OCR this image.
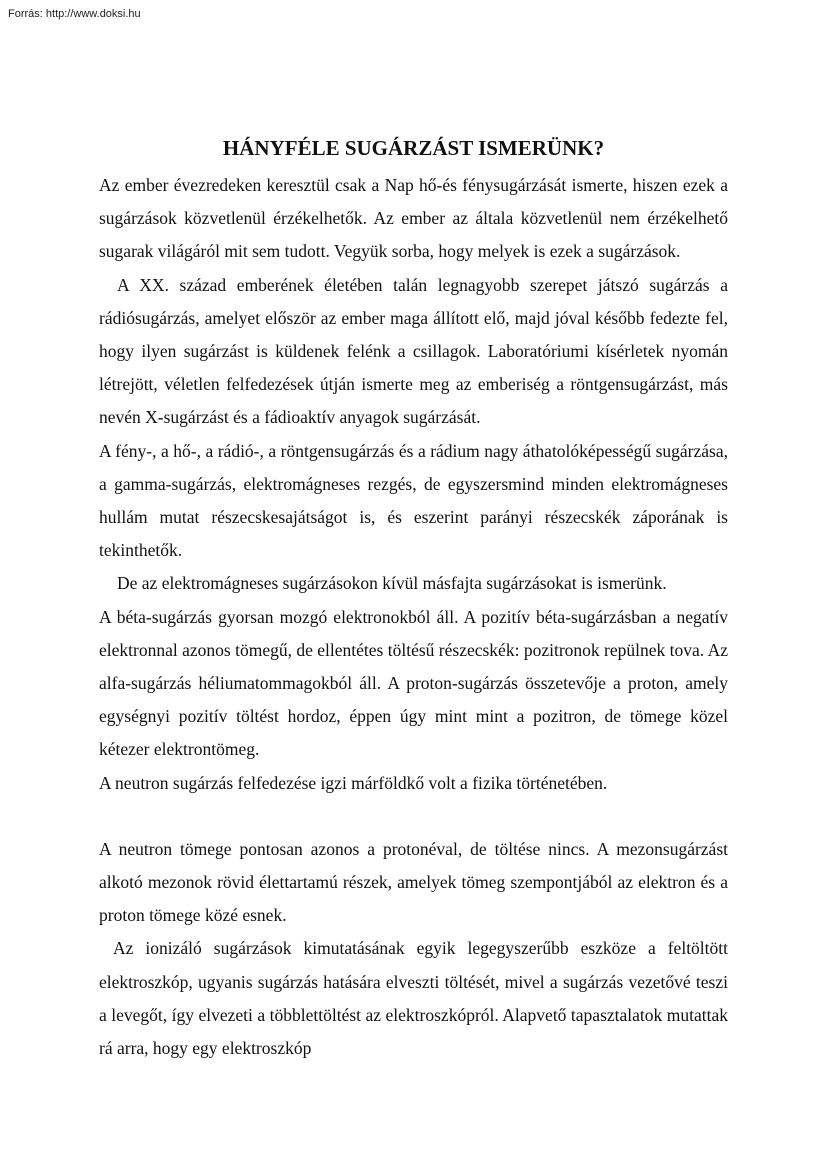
Forrás: http://www.doksi.hu
HÁNYFÉLE SUGÁRZÁST ISMERÜNK?

Az ember évezredeken keresztül csak a Nap hő-és fénysugárzását ismerte, hiszen ezek a sugárzások közvetlenül érzékelhetők. Az ember az általa közvetlenül nem érzékelhető sugarak világáról mit sem tudott. Vegyük sorba, hogy melyek is ezek a sugárzások.

A XX. század emberének életében talán legnagyobb szerepet játszó sugárzás a rádiósugárzás, amelyet először az ember maga állított elő, majd jóval később fedezte fel, hogy ilyen sugárzást is küldenek felénk a csillagok. Laboratóriumi kísérletek nyomán létrejött, véletlen felfedezések útján ismerte meg az emberiség a röntgensugárzást, más nevén X-sugárzást és a fádioaktív anyagok sugárzását.

A fény-, a hő-, a rádió-, a röntgensugárzás és a rádium nagy áthatolóképességű sugárzása, a gamma-sugárzás, elektromágneses rezgés, de egyszersmind minden elektromágneses hullám mutat részecskesajátságot is, és eszerint parányi részecskék záporának is tekinthetők.

De az elektromágneses sugárzásokon kívül másfajta sugárzásokat is ismerünk.

A béta-sugárzás gyorsan mozgó elektronokból áll. A pozitív béta-sugárzásban a negatív elektronnal azonos tömegű, de ellentétes töltésű részecskék: pozitronok repülnek tova. Az alfa-sugárzás héliumatommagokból áll. A proton-sugárzás összetevője a proton, amely egységnyi pozitív töltést hordoz, éppen úgy mint mint a pozitron, de tömege közel kétezer elektrontömeg.

A neutron sugárzás felfedezése igzi márföldkő volt a fizika történetében.

A neutron tömege pontosan azonos a protonéval, de töltése nincs. A mezonsugárzást alkotó mezonok rövid élettartamú részek, amelyek tömeg szempontjából az elektron és a proton tömege közé esnek.

Az ionizáló sugárzások kimutatásának egyik legegyszerűbb eszköze a feltöltött elektroszkóp, ugyanis sugárzás hatására elveszti töltését, mivel a sugárzás vezetővé teszi a levegőt, így elvezeti a többlettöltést az elektroszkópról. Alapvető tapasztalatok mutattak rá arra, hogy egy elektroszkóp
